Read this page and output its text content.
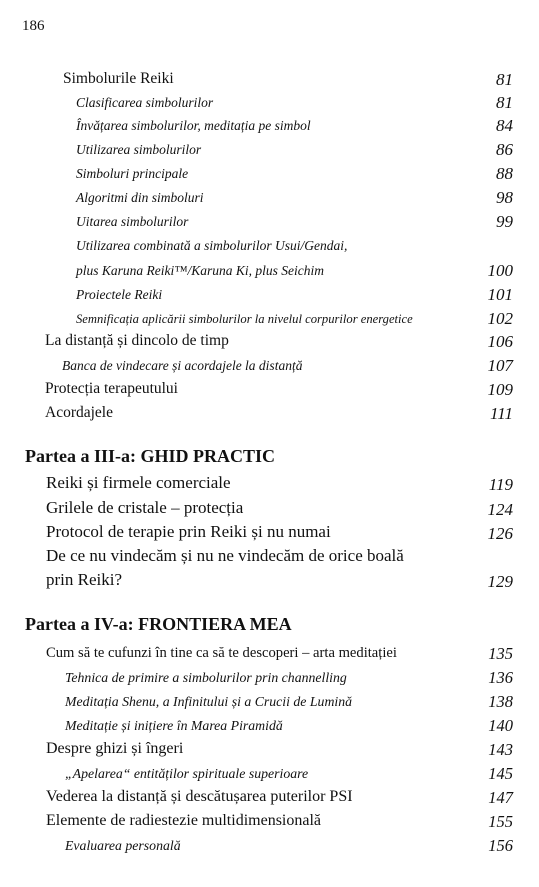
186
Simbolurile Reiki	81
Clasificarea simbolurilor	81
Învățarea simbolurilor, meditația pe simbol	84
Utilizarea simbolurilor	86
Simboluri principale	88
Algoritmi din simboluri	98
Uitarea simbolurilor	99
Utilizarea combinată a simbolurilor Usui/Gendai,
plus Karuna Reiki™/Karuna Ki, plus Seichim	100
Proiectele Reiki	101
Semnificația aplicării simbolurilor la nivelul corpurilor energetice	102
La distanță și dincolo de timp	106
Banca de vindecare și acordajele la distanță	107
Protecția terapeutului	109
Acordajele	111
Partea a III-a: GHID PRACTIC
Reiki și firmele comerciale	119
Grilele de cristale – protecția	124
Protocol de terapie prin Reiki și nu numai	126
De ce nu vindecăm și nu ne vindecăm de orice boală
prin Reiki?	129
Partea a IV-a: FRONTIERA MEA
Cum să te cufunzi în tine ca să te descoperi – arta meditației	135
Tehnica de primire a simbolurilor prin channelling	136
Meditația Shenu, a Infinitului și a Crucii de Lumină	138
Meditație și inițiere în Marea Piramidă	140
Despre ghizi și îngeri	143
„Apelarea“ entităților spirituale superioare	145
Vederea la distanță și descătușarea puterilor PSI	147
Elemente de radiestezie multidimensională	155
Evaluarea personală	156
